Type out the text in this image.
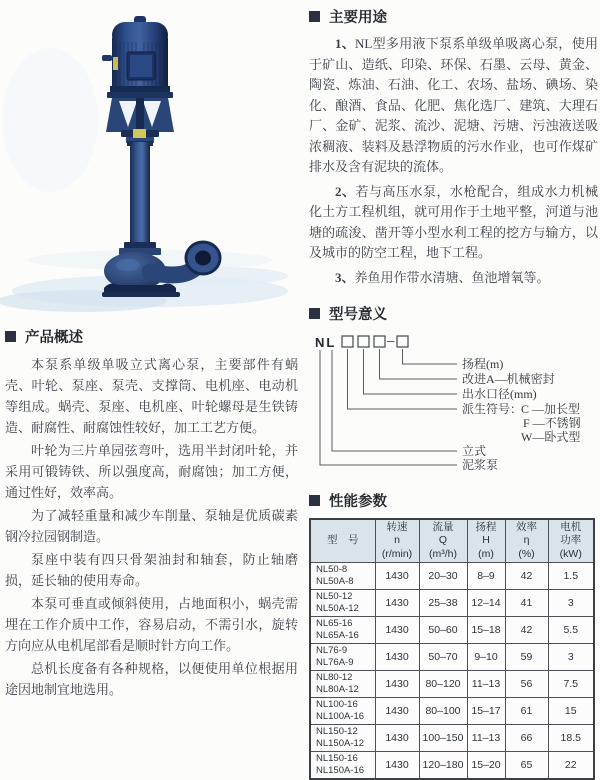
产品概述

本泵系单级单吸立式离心泵，主要部件有蜗壳、叶轮、泵座、泵壳、支撑筒、电机座、电动机等组成。蜗壳、泵座、电机座、叶轮螺母是生铁铸造、耐腐性、耐腐蚀性较好，加工工艺方便。

叶轮为三片单园弦弯叶，选用半封闭叶轮，并采用可锻铸铁、所以强度高，耐腐蚀；加工方便，通过性好，效率高。

为了减轻重量和减少车削量、泵轴是优质碳素钢冷拉园钢制造。

泵座中装有四只骨架油封和轴套，防止轴磨损，延长轴的使用寿命。

本泵可垂直或倾斜使用，占地面积小，蜗壳需埋在工作介质中工作，容易启动，不需引水，旋转方向应从电机尾部看是顺时针方向工作。

总机长度备有各种规格，以便使用单位根据用途因地制宜地选用。

主要用途

1、NL型多用液下泵系单级单吸离心泵，使用于矿山、造纸、印染、环保、石墨、云母、黄金、陶瓷、炼油、石油、化工、农场、盐场、碘场、染化、酿酒、食品、化肥、焦化选厂、建筑、大理石厂、金矿、泥浆、流沙、泥塘、污塘、污浊液送吸浓稠液、装料及悬浮物质的污水作业，也可作煤矿排水及含有泥块的流体。

2、若与高压水泵，水枪配合，组成水力机械化土方工程机组，就可用作于土地平整，河道与池塘的疏浚、凿开等小型水利工程的挖方与输方，以及城市的防空工程，地下工程。

3、养鱼用作带水清塘、鱼池增氧等。

型号意义
NL
扬程(m)
改进A—机械密封
出水口径(mm)
派生符号：
C —加长型
F —不锈钢
W—卧式型
立式
泥浆泵
性能参数
型　号	转速
n
(r/min)	流量
Q
(m³/h)	扬程
H
(m)	效率
η
(%)	电机
功率
(kW)

NL50-8
NL50A-8	1430	20–30	8–9	42	1.5

NL50-12
NL50A-12	1430	25–38	12–14	41	3

NL65-16
NL65A-16	1430	50–60	15–18	42	5.5

NL76-9
NL76A-9	1430	50–70	9–10	59	3

NL80-12
NL80A-12	1430	80–120	11–13	56	7.5

NL100-16
NL100A-16	1430	80–100	15–17	61	15

NL150-12
NL150A-12	1430	100–150	11–13	66	18.5

NL150-16
NL150A-16	1430	120–180	15–20	65	22
